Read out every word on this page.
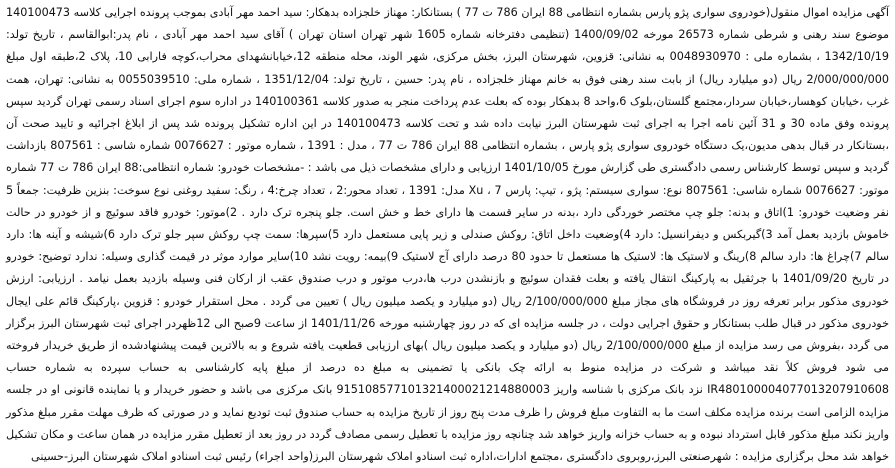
آگهی مزایده اموال منقول(خودروی سواری پژو پارس بشماره انتظامی 88 ایران 786 ت 77 ) بستانکار: مهناز خلجزاده بدهکار: سید احمد مهر آبادی بموجب پرونده اجرایی کلاسه 140100473 موضوع سند رهنی و شرطی شماره 26573 مورخه 1400/09/02 (تنظیمی دفترخانه شماره 1605 شهر تهران استان تهران ) آقای سید احمد مهر آبادی ، نام پدر:ابوالقاسم ، تاریخ تولد: 1342/10/19 ، بشماره ملی : 0048930970 به نشانی: قزوین، شهرستان البرز، بخش مرکزی، شهر الوند، محله منطقه 12،خیابانشهدای محراب،کوچه فارابی 10، پلاک 2،طبقه اول مبلغ 2/000/000/000 ریال (دو میلیارد ریال) از بابت سند رهنی فوق به خانم مهناز خلجزاده ، نام پدر: حسین ، تاریخ تولد: 1351/12/04 ، شماره ملی: 0055039510 به نشانی: تهران، همت غرب ،خیابان کوهسار،خیابان سردار،مجتمع گلستان،بلوک 6،واحد 8 بدهکار بوده که بعلت عدم پرداخت منجر به صدور کلاسه 140100361 در اداره سوم اجرای اسناد رسمی تهران گردید سپس پرونده وفق ماده 30 و 31 آئین نامه اجرا به اجرای ثبت شهرستان البرز نیابت داده شد و تحت کلاسه 140100473 در این اداره تشکیل پرونده شد پس از ابلاغ اجرائیه و تایید صحت آن ،بستانکار در قبال بدهی مدیون،یک دستگاه خودروی سواری پژو پارس ، بشماره انتظامی 88 ایران 786 ت 77 ، مدل : 1391 ، شماره موتور : 0076627 شماره شاسی : 807561 بازداشت گردید و سپس توسط کارشناس رسمی دادگستری طی گزارش مورخ 1401/10/05 ارزیابی و دارای مشخصات ذیل می باشد : -مشخصات خودرو: شماره انتظامی:88 ایران 786 ت 77 شماره موتور: 0076627 شماره شاسی: 807561 نوع: سواری سیستم: پژو ، تیپ: پارس 7 ، Xu مدل: 1391 ، تعداد محور:2 ، تعداد چرخ:4 ، رنگ: سفید روغنی نوع سوخت: بنزین ظرفیت: جمعاً 5 نفر وضعیت خودرو: 1)اتاق و بدنه: جلو چپ مختصر خوردگی دارد ،بدنه در سایر قسمت ها دارای خط و خش است. جلو پنجره ترک دارد . 2)موتور: خودرو فاقد سوئیچ و از خودرو در حالت خاموش بازدید بعمل آمد 3)گیربکس و دیفرانسیل: دارد 4)وضعیت داخل اتاق: روکش صندلی و زیر پایی مستعمل دارد 5)سپرها: سمت چپ روکش سپر جلو ترک دارد 6)شیشه و آینه ها: دارد سالم 7)چراغ ها: دارد سالم 8)رینگ و لاستیک ها: لاستیک ها مستعمل تا حدود 80 درصد دارای آج لاستیک 9)بیمه: رویت نشد 10)سایر موارد موثر در قیمت گذاری وسیله: ندارد توضیح: خودرو در تاریخ 1401/09/20 با جرثقیل به پارکینگ انتقال یافته و بعلت فقدان سوئیچ و بازنشدن درب ها،درب موتور و درب صندوق عقب از ارکان فنی وسیله بازدید بعمل نیامد . ارزیابی: ارزش خودروی مذکور برابر تعرفه روز در فروشگاه های مجاز مبلغ 2/100/000/000 ریال (دو میلیارد و یکصد میلیون ریال ) تعیین می گردد . محل استقرار خودرو : قزوین ،پارکینگ قائم علی ایجال خودروی مذکور در قبال طلب بستانکار و حقوق اجرایی دولت ، در جلسه مزایده ای که در روز چهارشنبه مورخه 1401/11/26 از ساعت 9صبح الی 12ظهردر اجرای ثبت شهرستان البرز برگزار می گردد ،بفروش می رسد مزایده از مبلغ 2/100/000/000 ریال (دو میلیارد و یکصد میلیون ریال )بهای ارزیابی قطعیت یافته شروع و به بالاترین قیمت پیشنهادشده از طریق خریدار فروخته می شود فروش کلاً نقد میباشد و شرکت در مزایده منوط به ارائه چک بانکی یا تضمینی به مبلغ ده درصد از مبلغ پایه کارشناسی به حساب سپرده به شماره حساب IR480100004077013207910608 نزد بانک مرکزی با شناسه واریز 915108577101321400021214880003 بانک مرکزی می باشد و حضور خریدار و یا نماینده قانونی او در جلسه مزایده الزامی است برنده مزایده مکلف است ما به التفاوت مبلغ فروش را ظرف مدت پنج روز از تاریخ مزایده به حساب صندوق ثبت تودیع نماید و در صورتی که ظرف مهلت مقرر مبلغ مذکور واریز نکند مبلغ مذکور قابل استرداد نبوده و به حساب خزانه واریز خواهد شد چنانچه روز مزایده با تعطیل رسمی مصادف گردد در روز بعد از تعطیل مقرر مزایده در همان ساعت و مکان تشکیل خواهد شد محل برگزاری مزایده : شهرصنعتی البرز،روبروی دادگستری ،مجتمع ادارات،اداره ثبت اسنادو املاک شهرستان البرز(واحد اجراء) رئیس ثبت اسنادو املاک شهرستان البرز-حسینی
